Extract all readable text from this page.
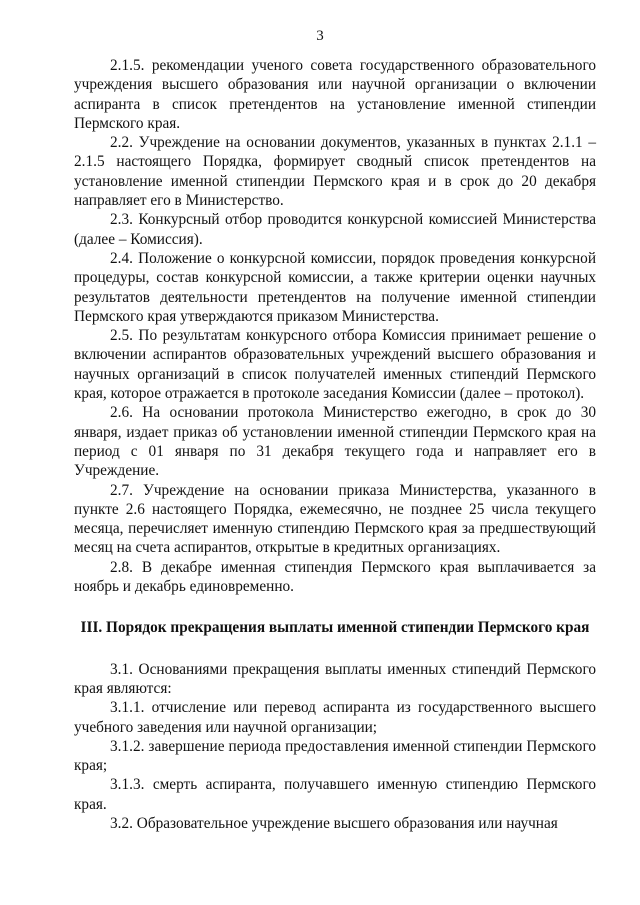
3

2.1.5. рекомендации ученого совета государственного образовательного учреждения высшего образования или научной организации о включении аспиранта в список претендентов на установление именной стипендии Пермского края.

2.2. Учреждение на основании документов, указанных в пунктах 2.1.1 – 2.1.5 настоящего Порядка, формирует сводный список претендентов на установление именной стипендии Пермского края и в срок до 20 декабря направляет его в Министерство.

2.3. Конкурсный отбор проводится конкурсной комиссией Министерства (далее – Комиссия).

2.4. Положение о конкурсной комиссии, порядок проведения конкурсной процедуры, состав конкурсной комиссии, а также критерии оценки научных результатов деятельности претендентов на получение именной стипендии Пермского края утверждаются приказом Министерства.

2.5. По результатам конкурсного отбора Комиссия принимает решение о включении аспирантов образовательных учреждений высшего образования и научных организаций в список получателей именных стипендий Пермского края, которое отражается в протоколе заседания Комиссии (далее – протокол).

2.6. На основании протокола Министерство ежегодно, в срок до 30 января, издает приказ об установлении именной стипендии Пермского края на период с 01 января по 31 декабря текущего года и направляет его в Учреждение.

2.7. Учреждение на основании приказа Министерства, указанного в пункте 2.6 настоящего Порядка, ежемесячно, не позднее 25 числа текущего месяца, перечисляет именную стипендию Пермского края за предшествующий месяц на счета аспирантов, открытые в кредитных организациях.

2.8. В декабре именная стипендия Пермского края выплачивается за ноябрь и декабрь единовременно.

III. Порядок прекращения выплаты именной стипендии Пермского края

3.1. Основаниями прекращения выплаты именных стипендий Пермского края являются:

3.1.1. отчисление или перевод аспиранта из государственного высшего учебного заведения или научной организации;

3.1.2. завершение периода предоставления именной стипендии Пермского края;

3.1.3. смерть аспиранта, получавшего именную стипендию Пермского края.

3.2. Образовательное учреждение высшего образования или научная
